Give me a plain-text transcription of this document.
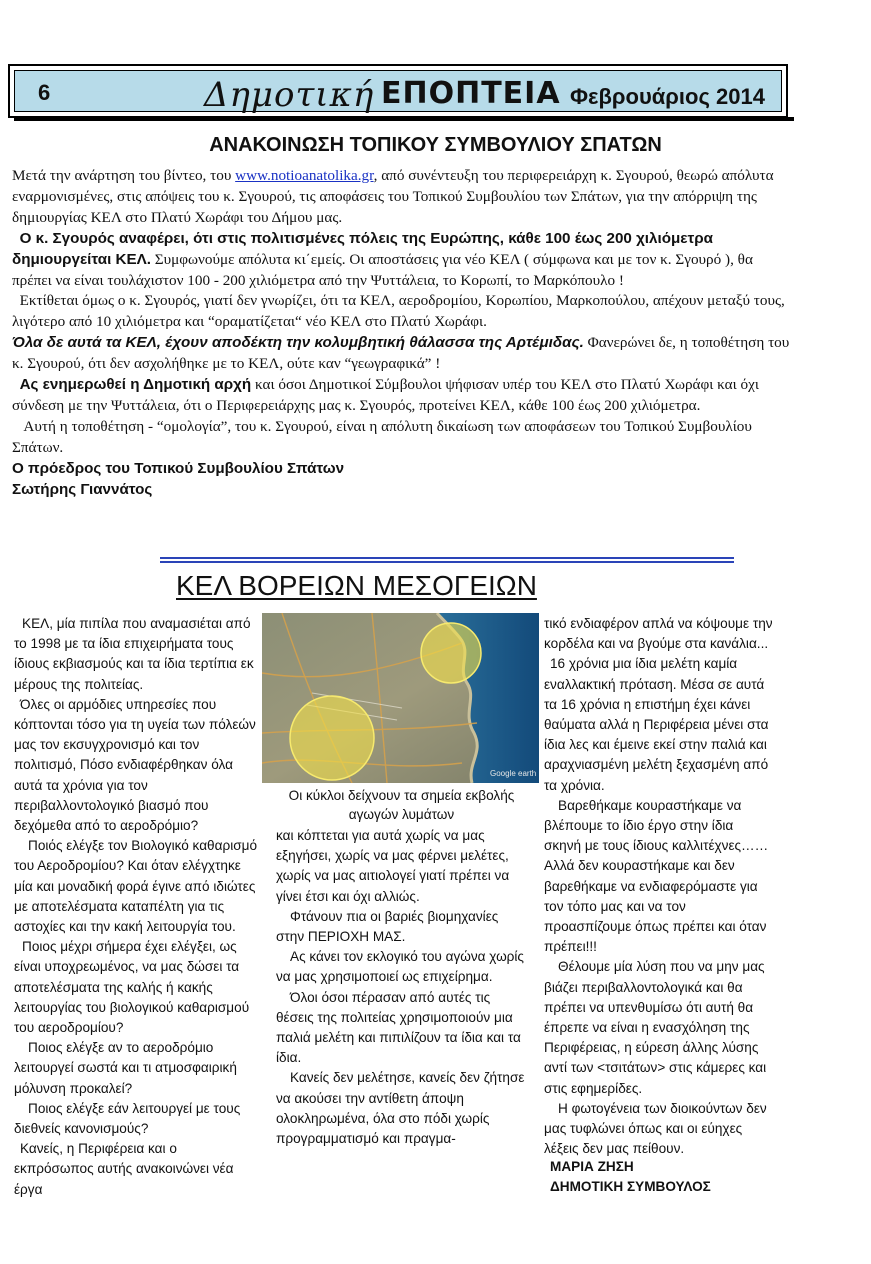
6	Δημοτική ΕΠΟΠΤΕΙΑ Φεβρουάριος 2014
ΑΝΑΚΟΙΝΩΣΗ ΤΟΠΙΚΟΥ ΣΥΜΒΟΥΛΙΟΥ ΣΠΑΤΩΝ

Μετά την ανάρτηση του βίντεο, του www.notioanatolika.gr, από συνέντευξη του περιφερειάρχη κ. Σγουρού, θεωρώ απόλυτα εναρμονισμένες, στις απόψεις του κ. Σγουρού, τις αποφάσεις του Τοπικού Συμβουλίου των Σπάτων, για την απόρριψη της δημιουργίας ΚΕΛ στο Πλατύ Χωράφι του Δήμου μας.

Ο κ. Σγουρός αναφέρει, ότι στις πολιτισμένες πόλεις της Ευρώπης, κάθε 100 έως 200 χιλιόμετρα δημιουργείται ΚΕΛ. Συμφωνούμε απόλυτα κι΄εμείς. Οι αποστάσεις για νέο ΚΕΛ ( σύμφωνα και με τον κ. Σγουρό ), θα πρέπει να είναι τουλάχιστον 100 - 200 χιλιόμετρα από την Ψυττάλεια, το Κορωπί, το Μαρκόπουλο !

Εκτίθεται όμως ο κ. Σγουρός, γιατί δεν γνωρίζει, ότι τα ΚΕΛ, αεροδρομίου, Κορωπίου, Μαρκοπούλου, απέχουν μεταξύ τους, λιγότερο από 10 χιλιόμετρα και “οραματίζεται“ νέο ΚΕΛ στο Πλατύ Χωράφι.

Όλα δε αυτά τα ΚΕΛ, έχουν αποδέκτη την κολυμβητική θάλασσα της Αρτέμιδας. Φανερώνει δε, η τοποθέτηση του κ. Σγουρού, ότι δεν ασχολήθηκε με το ΚΕΛ, ούτε καν “γεωγραφικά” !

Ας ενημερωθεί η Δημοτική αρχή και όσοι Δημοτικοί Σύμβουλοι ψήφισαν υπέρ του ΚΕΛ στο Πλατύ Χωράφι και όχι σύνδεση με την Ψυττάλεια, ότι ο Περιφερειάρχης μας κ. Σγουρός, προτείνει ΚΕΛ, κάθε 100 έως 200 χιλιόμετρα.

Αυτή η τοποθέτηση - “ομολογία”, του κ. Σγουρού, είναι η απόλυτη δικαίωση των αποφάσεων του Τοπικού Συμβουλίου Σπάτων.

Ο πρόεδρος του Τοπικού Συμβουλίου Σπάτων

Σωτήρης Γιαννάτος

ΚΕΛ ΒΟΡΕΙΩΝ ΜΕΣΟΓΕΙΩΝ

ΚΕΛ, μία πιπίλα που αναμασιέται από το 1998 με τα ίδια επιχειρήματα τους ίδιους εκβιασμούς και τα ίδια τερτίπια εκ μέρους της πολιτείας.

Όλες οι αρμόδιες υπηρεσίες που κόπτονται τόσο για τη υγεία των πόλεών μας τον εκσυγχρονισμό και τον πολιτισμό, Πόσο ενδιαφέρθηκαν όλα αυτά τα χρόνια για τον περιβαλλοντολογικό βιασμό που δεχόμεθα από το αεροδρόμιο?

Ποιός ελέγξε τον Βιολογικό καθαρισμό του Αεροδρομίου? Και όταν ελέγχτηκε μία και μοναδική φορά έγινε από ιδιώτες με αποτελέσματα καταπέλτη για τις αστοχίες και την κακή λειτουργία του.

Ποιος μέχρι σήμερα έχει ελέγξει, ως είναι υποχρεωμένος, να μας δώσει τα αποτελέσματα της καλής ή κακής λειτουργίας του βιολογικού καθαρισμού του αεροδρομίου?

Ποιος ελέγξε αν το αεροδρόμιο λειτουργεί σωστά και τι ατμοσφαιρική μόλυνση προκαλεί?

Ποιος ελέγξε εάν λειτουργεί με τους διεθνείς κανονισμούς?

Κανείς, η Περιφέρεια και ο εκπρόσωπος αυτής ανακοινώνει νέα έργα

Google earth
Οι κύκλοι δείχνουν τα σημεία εκβολής αγωγών λυμάτων

και κόπτεται για αυτά χωρίς να μας εξηγήσει, χωρίς να μας φέρνει μελέτες, χωρίς να μας αιτιολογεί γιατί πρέπει να γίνει έτσι και όχι αλλιώς.

Φτάνουν πια οι βαριές βιομηχανίες στην ΠΕΡΙΟΧΗ ΜΑΣ.

Ας κάνει τον εκλογικό του αγώνα χωρίς να μας χρησιμοποιεί ως επιχείρημα.

Όλοι όσοι πέρασαν από αυτές τις θέσεις της πολιτείας χρησιμοποιούν μια παλιά μελέτη και πιπιλίζουν τα ίδια και τα ίδια.

Κανείς δεν μελέτησε, κανείς δεν ζήτησε να ακούσει την αντίθετη άποψη ολοκληρωμένα, όλα στο πόδι χωρίς προγραμματισμό και πραγμα-

τικό ενδιαφέρον απλά να κόψουμε την κορδέλα και να βγούμε στα κανάλια...

16 χρόνια μια ίδια μελέτη καμία εναλλακτική πρόταση. Μέσα σε αυτά τα 16 χρόνια η επιστήμη έχει κάνει θαύματα αλλά η Περιφέρεια μένει στα ίδια λες και έμεινε εκεί στην παλιά και αραχνιασμένη μελέτη ξεχασμένη από τα χρόνια.

Βαρεθήκαμε κουραστήκαμε να βλέπουμε το ίδιο έργο στην ίδια σκηνή με τους ίδιους καλλιτέχνες……

Αλλά δεν κουραστήκαμε και δεν βαρεθήκαμε να ενδιαφερόμαστε για τον τόπο μας και να τον προασπίζουμε όπως πρέπει και όταν πρέπει!!!

Θέλουμε μία λύση που να μην μας βιάζει περιβαλλοντολογικά και θα πρέπει να υπενθυμίσω ότι αυτή θα έπρεπε να είναι η ενασχόληση της Περιφέρειας, η εύρεση άλλης λύσης αντί των <τσιτάτων> στις κάμερες και στις εφημερίδες.

Η φωτογένεια των διοικούντων δεν μας τυφλώνει όπως και οι εύηχες λέξεις δεν μας πείθουν.

ΜΑΡΙΑ ΖΗΣΗ
ΔΗΜΟΤΙΚΗ ΣΥΜΒΟΥΛΟΣ
